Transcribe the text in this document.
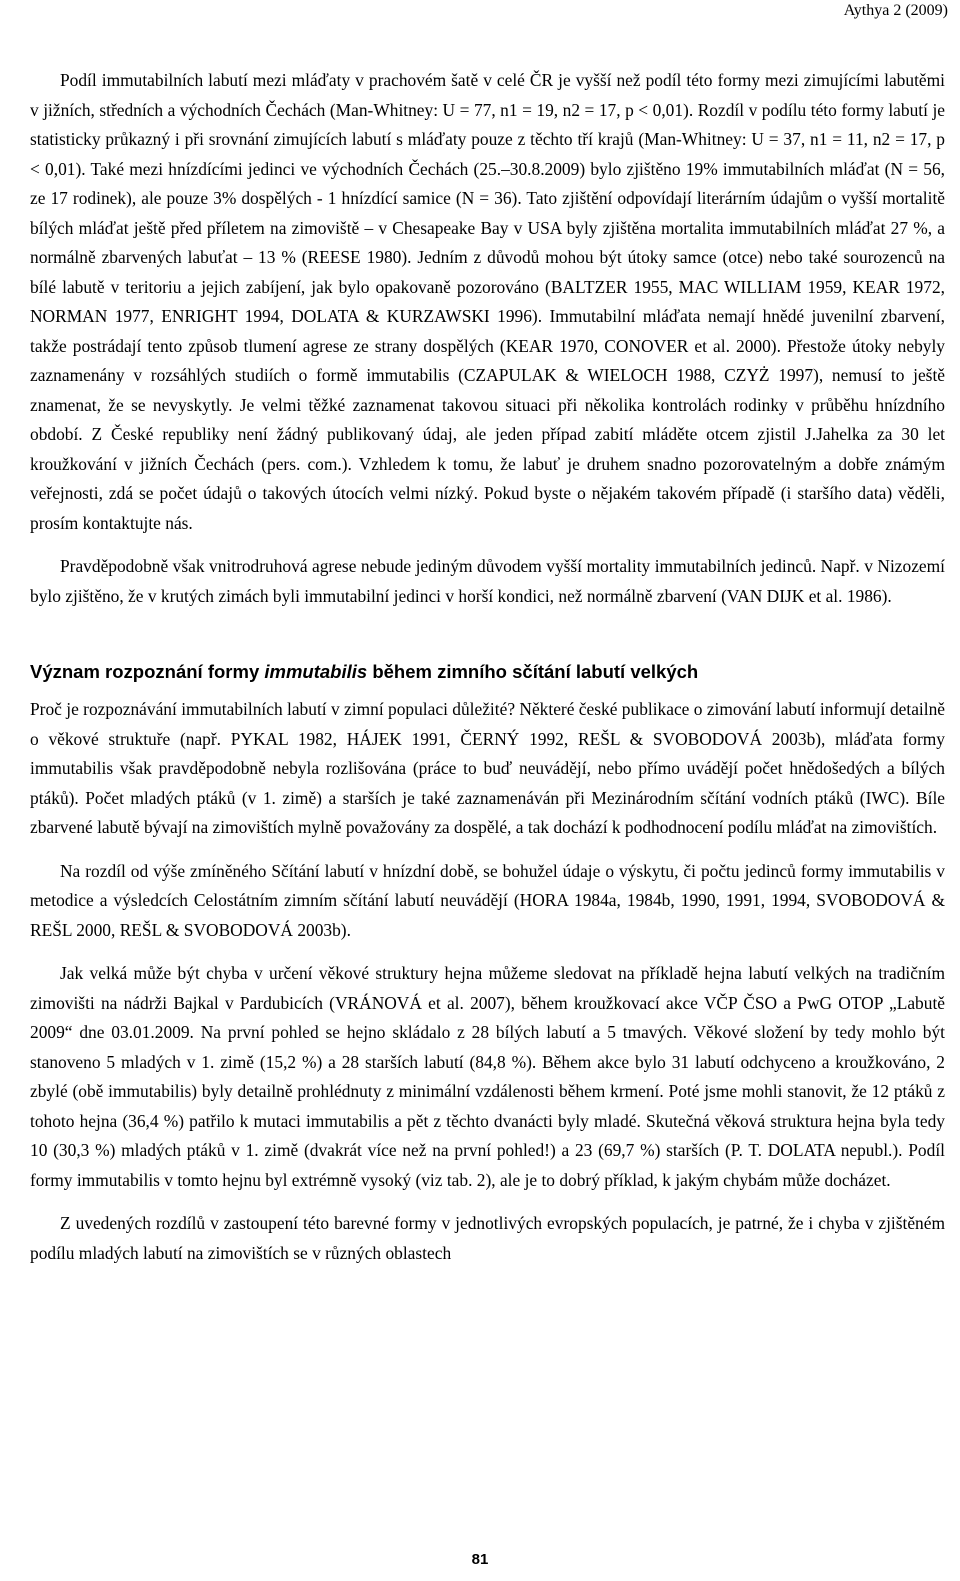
Aythya 2 (2009)

Podíl immutabilních labutí mezi mláďaty v prachovém šatě v celé ČR je vyšší než podíl této formy mezi zimujícími labutěmi v jižních, středních a východních Čechách (Man-Whitney: U = 77, n1 = 19, n2 = 17, p < 0,01). Rozdíl v podílu této formy labutí je statisticky průkazný i při srovnání zimujících labutí s mláďaty pouze z těchto tří krajů (Man-Whitney: U = 37, n1 = 11, n2 = 17, p < 0,01). Také mezi hnízdícími jedinci ve východních Čechách (25.–30.8.2009) bylo zjištěno 19% immutabilních mláďat (N = 56, ze 17 rodinek), ale pouze 3% dospělých - 1 hnízdící samice (N = 36). Tato zjištění odpovídají literárním údajům o vyšší mortalitě bílých mláďat ještě před příletem na zimoviště – v Chesapeake Bay v USA byly zjištěna mortalita immutabilních mláďat 27 %, a normálně zbarvených labuťat – 13 % (REESE 1980). Jedním z důvodů mohou být útoky samce (otce) nebo také sourozenců na bílé labutě v teritoriu a jejich zabíjení, jak bylo opakovaně pozorováno (BALTZER 1955, MAC WILLIAM 1959, KEAR 1972, NORMAN 1977, ENRIGHT 1994, DOLATA & KURZAWSKI 1996). Immutabilní mláďata nemají hnědé juvenilní zbarvení, takže postrádají tento způsob tlumení agrese ze strany dospělých (KEAR 1970, CONOVER et al. 2000). Přestože útoky nebyly zaznamenány v rozsáhlých studiích o formě immutabilis (CZAPULAK & WIELOCH 1988, CZYŻ 1997), nemusí to ještě znamenat, že se nevyskytly. Je velmi těžké zaznamenat takovou situaci při několika kontrolách rodinky v průběhu hnízdního období. Z České republiky není žádný publikovaný údaj, ale jeden případ zabití mláděte otcem zjistil J.Jahelka za 30 let kroužkování v jižních Čechách (pers. com.). Vzhledem k tomu, že labuť je druhem snadno pozorovatelným a dobře známým veřejnosti, zdá se počet údajů o takových útocích velmi nízký. Pokud byste o nějakém takovém případě (i staršího data) věděli, prosím kontaktujte nás.

Pravděpodobně však vnitrodruhová agrese nebude jediným důvodem vyšší mortality immutabilních jedinců. Např. v Nizozemí bylo zjištěno, že v krutých zimách byli immutabilní jedinci v horší kondici, než normálně zbarvení (VAN DIJK et al. 1986).

Význam rozpoznání formy immutabilis během zimního sčítání labutí velkých

Proč je rozpoznávání immutabilních labutí v zimní populaci důležité? Některé české publikace o zimování labutí informují detailně o věkové struktuře (např. PYKAL 1982, HÁJEK 1991, ČERNÝ 1992, REŠL & SVOBODOVÁ 2003b), mláďata formy immutabilis však pravděpodobně nebyla rozlišována (práce to buď neuvádějí, nebo přímo uvádějí počet hnědošedých a bílých ptáků). Počet mladých ptáků (v 1. zimě) a starších je také zaznamenáván při Mezinárodním sčítání vodních ptáků (IWC). Bíle zbarvené labutě bývají na zimovištích mylně považovány za dospělé, a tak dochází k podhodnocení podílu mláďat na zimovištích.

Na rozdíl od výše zmíněného Sčítání labutí v hnízdní době, se bohužel údaje o výskytu, či počtu jedinců formy immutabilis v metodice a výsledcích Celostátním zimním sčítání labutí neuvádějí (HORA 1984a, 1984b, 1990, 1991, 1994, SVOBODOVÁ & REŠL 2000, REŠL & SVOBODOVÁ 2003b).

Jak velká může být chyba v určení věkové struktury hejna můžeme sledovat na příkladě hejna labutí velkých na tradičním zimovišti na nádrži Bajkal v Pardubicích (VRÁNOVÁ et al. 2007), během kroužkovací akce VČP ČSO a PwG OTOP „Labutě 2009“ dne 03.01.2009. Na první pohled se hejno skládalo z 28 bílých labutí a 5 tmavých. Věkové složení by tedy mohlo být stanoveno 5 mladých v 1. zimě (15,2 %) a 28 starších labutí (84,8 %). Během akce bylo 31 labutí odchyceno a kroužkováno, 2 zbylé (obě immutabilis) byly detailně prohlédnuty z minimální vzdálenosti během krmení. Poté jsme mohli stanovit, že 12 ptáků z tohoto hejna (36,4 %) patřilo k mutaci immutabilis a pět z těchto dvanácti byly mladé. Skutečná věková struktura hejna byla tedy 10 (30,3 %) mladých ptáků v 1. zimě (dvakrát více než na první pohled!) a 23 (69,7 %) starších (P. T. DOLATA nepubl.). Podíl formy immutabilis v tomto hejnu byl extrémně vysoký (viz tab. 2), ale je to dobrý příklad, k jakým chybám může docházet.

Z uvedených rozdílů v zastoupení této barevné formy v jednotlivých evropských populacích, je patrné, že i chyba v zjištěném podílu mladých labutí na zimovištích se v různých oblastech

81
